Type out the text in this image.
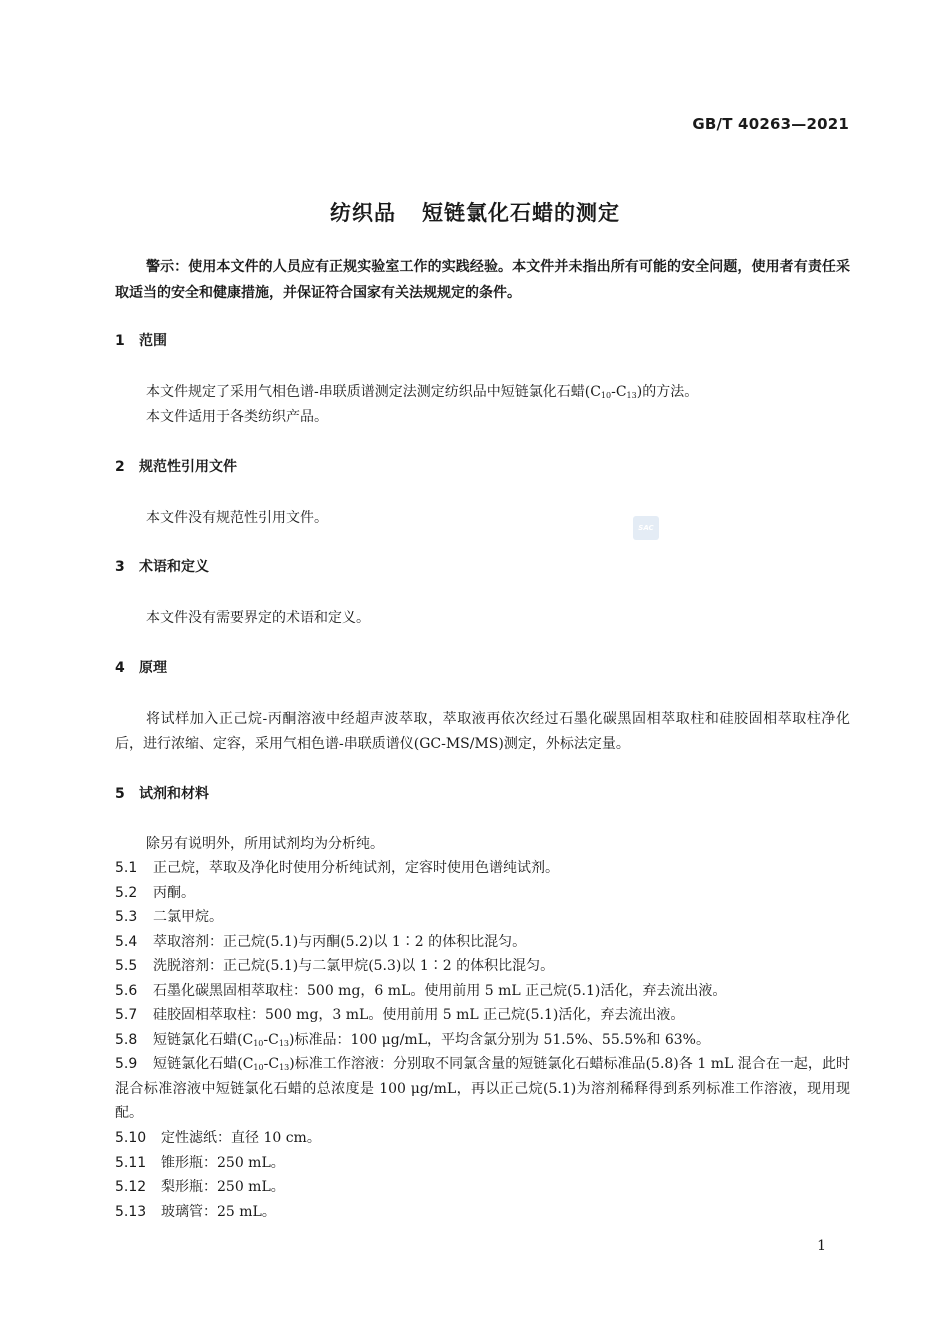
GB/T 40263—2021
纺织品 短链氯化石蜡的测定

警示：使用本文件的人员应有正规实验室工作的实践经验。本文件并未指出所有可能的安全问题，使用者有责任采取适当的安全和健康措施，并保证符合国家有关法规规定的条件。

1 范围

本文件规定了采用气相色谱-串联质谱测定法测定纺织品中短链氯化石蜡$(C_{10}-C_{13})$的方法。

本文件适用于各类纺织产品。

2 规范性引用文件

本文件没有规范性引用文件。

SAC
3 术语和定义

本文件没有需要界定的术语和定义。

4 原理

将试样加入正己烷-丙酮溶液中经超声波萃取，萃取液再依次经过石墨化碳黑固相萃取柱和硅胶固相萃取柱净化后，进行浓缩、定容，采用气相色谱-串联质谱仪(GC-MS/MS)测定，外标法定量。

5 试剂和材料

除另有说明外，所用试剂均为分析纯。

5.1 正己烷，萃取及净化时使用分析纯试剂，定容时使用色谱纯试剂。

5.2 丙酮。

5.3 二氯甲烷。

5.4 萃取溶剂：正己烷(5.1)与丙酮(5.2)以 1∶2 的体积比混匀。

5.5 洗脱溶剂：正己烷(5.1)与二氯甲烷(5.3)以 1∶2 的体积比混匀。

5.6 石墨化碳黑固相萃取柱：500 mg，6 mL。使用前用 5 mL 正己烷(5.1)活化，弃去流出液。

5.7 硅胶固相萃取柱：500 mg，3 mL。使用前用 5 mL 正己烷(5.1)活化，弃去流出液。

5.8 短链氯化石蜡$(C_{10}-C_{13})$标准品：100 μg/mL，平均含氯分别为 51.5%、55.5%和 63%。

5.9 短链氯化石蜡$(C_{10}-C_{13})$标准工作溶液：分别取不同氯含量的短链氯化石蜡标准品(5.8)各 1 mL 混合在一起，此时混合标准溶液中短链氯化石蜡的总浓度是 100 μg/mL，再以正己烷(5.1)为溶剂稀释得到系列标准工作溶液，现用现配。

5.10 定性滤纸：直径 10 cm。

5.11 锥形瓶：250 mL。

5.12 梨形瓶：250 mL。

5.13 玻璃管：25 mL。

1
